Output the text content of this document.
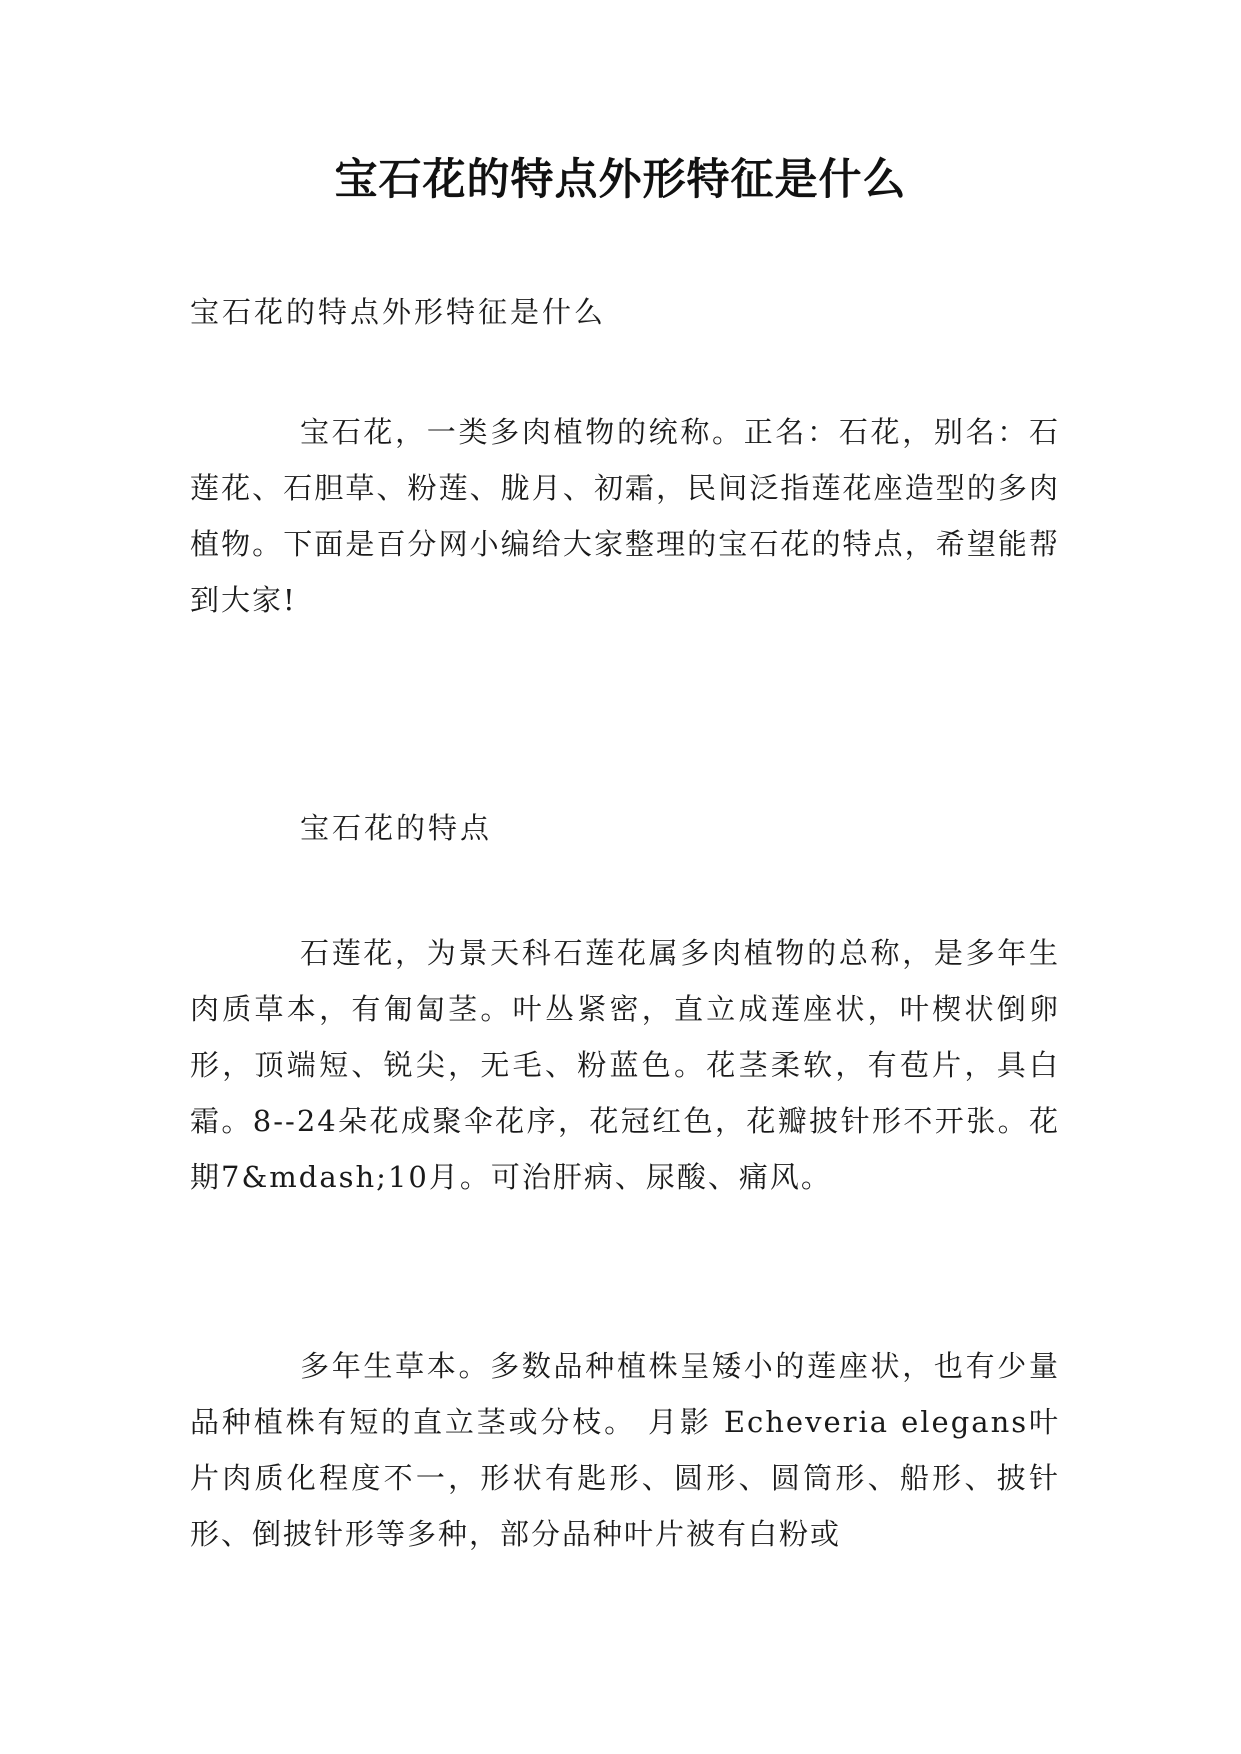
宝石花的特点外形特征是什么
宝石花的特点外形特征是什么
宝石花，一类多肉植物的统称。正名：石花，别名：石莲花、石胆草、粉莲、胧月、初霜，民间泛指莲花座造型的多肉植物。下面是百分网小编给大家整理的宝石花的特点，希望能帮到大家!
宝石花的特点
石莲花，为景天科石莲花属多肉植物的总称，是多年生肉质草本，有匍匐茎。叶丛紧密，直立成莲座状，叶楔状倒卵形，顶端短、锐尖，无毛、粉蓝色。花茎柔软，有苞片，具白霜。8--24朵花成聚伞花序，花冠红色，花瓣披针形不开张。花期7&mdash;10月。可治肝病、尿酸、痛风。
多年生草本。多数品种植株呈矮小的莲座状，也有少量品种植株有短的直立茎或分枝。 月影 Echeveria elegans叶片肉质化程度不一，形状有匙形、圆形、圆筒形、船形、披针形、倒披针形等多种，部分品种叶片被有白粉或
